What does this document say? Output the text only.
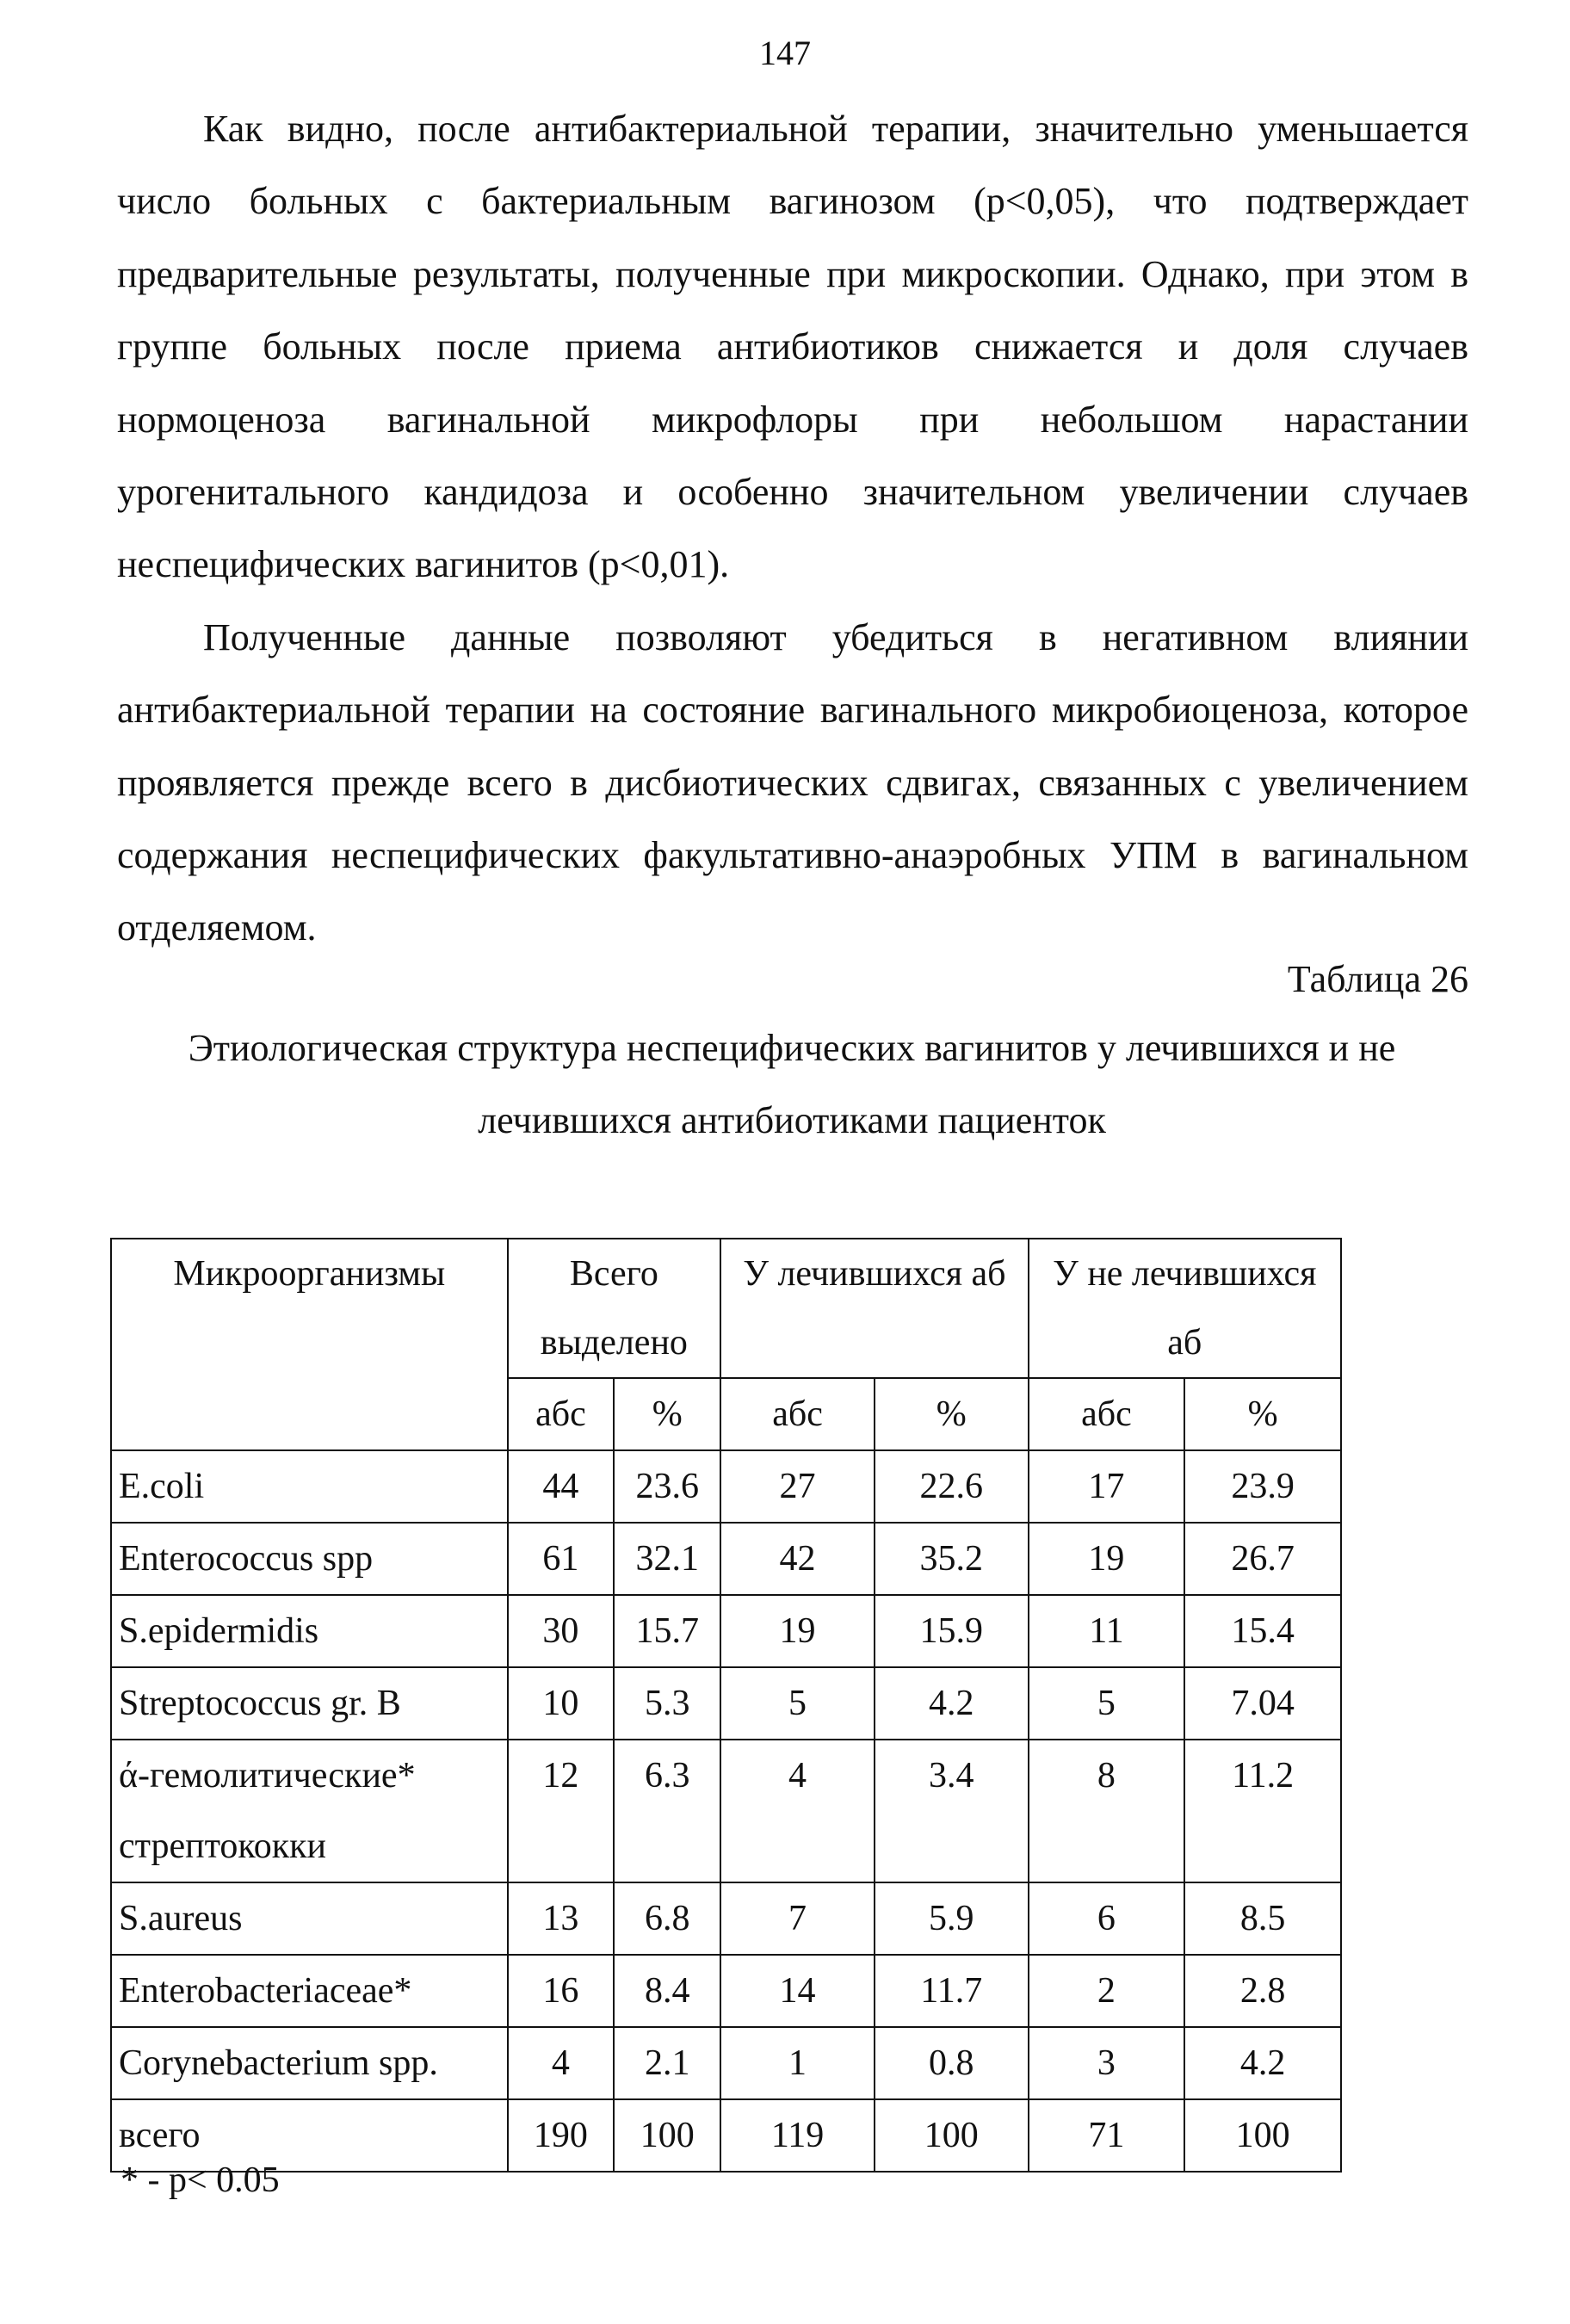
147

Как видно, после антибактериальной терапии, значительно уменьшается число больных с бактериальным вагинозом (р<0,05), что подтверждает предварительные результаты, полученные при микроскопии. Однако, при этом в группе больных после приема антибиотиков снижается и доля случаев нормоценоза вагинальной микрофлоры при небольшом нарастании урогенитального кандидоза и особенно значительном увеличении случаев неспецифических вагинитов (р<0,01).

Полученные данные позволяют убедиться в негативном влиянии антибактериальной терапии на состояние вагинального микробиоценоза, которое проявляется прежде всего в дисбиотических сдвигах, связанных с увеличением содержания неспецифических факультативно-анаэробных УПМ в вагинальном отделяемом.

Таблица 26
Этиологическая структура неспецифических вагинитов у лечившихся и не
лечившихся антибиотиками пациенток
Микроорганизмы	Всего выделено		У лечившихся аб		У не лечившихся аб	
	абс	%	абс	%	абс	%
E.coli	44	23.6	27	22.6	17	23.9
Enterococcus spp	61	32.1	42	35.2	19	26.7
S.epidermidis	30	15.7	19	15.9	11	15.4
Streptococcus gr. B	10	5.3	5	4.2	5	7.04
ά-гемолитические* стрептококки	12	6.3	4	3.4	8	11.2
S.aureus	13	6.8	7	5.9	6	8.5
Enterobacteriaceae*	16	8.4	14	11.7	2	2.8
Corynebacterium spp.	4	2.1	1	0.8	3	4.2
всего	190	100	119	100	71	100
* - р< 0.05
